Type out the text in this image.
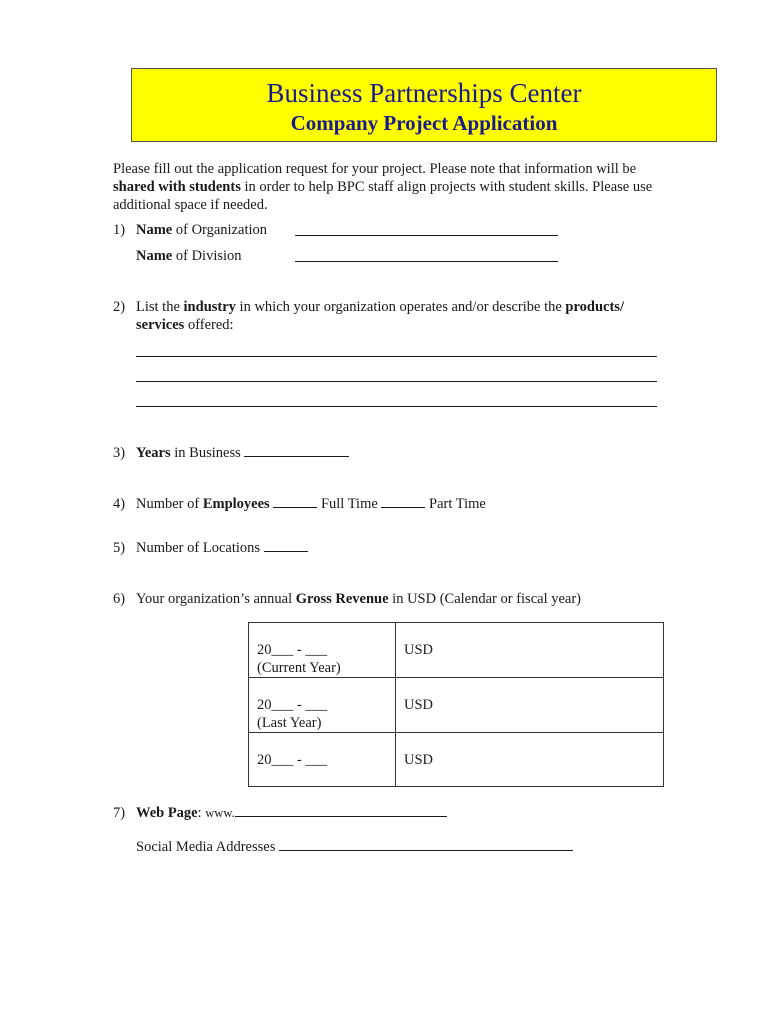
Business Partnerships Center
Company Project Application
Please fill out the application request for your project. Please note that information will be shared with students in order to help BPC staff align projects with student skills. Please use additional space if needed.
1) Name of Organization
Name of Division
2) List the industry in which your organization operates and/or describe the products/
services offered:
3) Years in Business
4) Number of Employees	Full Time	Part Time
5) Number of Locations
6) Your organization’s annual Gross Revenue in USD (Calendar or fiscal year)
20___ - ___
(Current Year)	USD
20___ - ___
(Last Year)	USD
20___ - ___	USD
7) Web Page: www.
Social Media Addresses
